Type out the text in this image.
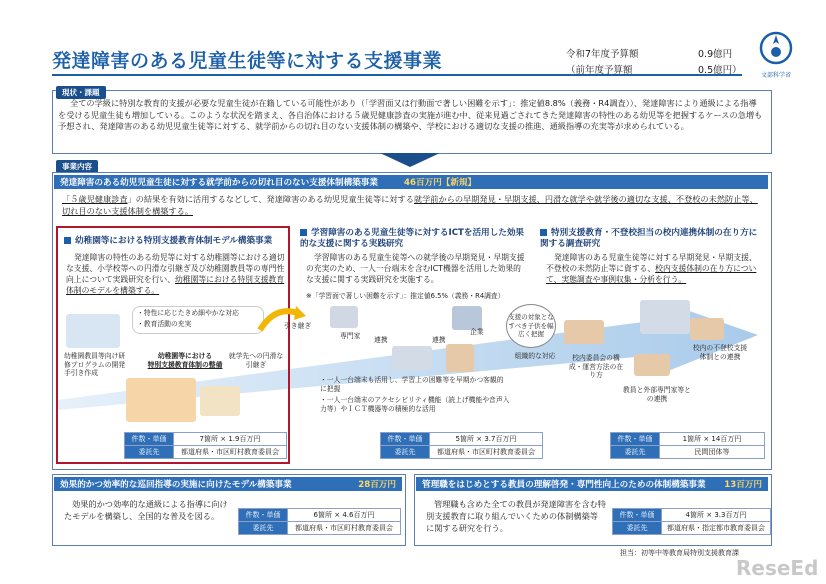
発達障害のある児童生徒等に対する支援事業	令和7年度予算額	0.9億円
（前年度予算額	0.5億円）	文部科学省
現状・課題
全ての学級に特別な教育的支援が必要な児童生徒が在籍している可能性があり（「学習面又は行動面で著しい困難を示す」：推定値8.8%（義務・R4調査））、発達障害により通級による指導を受ける児童生徒も増加している。このような状況を踏まえ、各自治体における５歳児健康診査の実施が進む中、従来見過ごされてきた発達障害の特性のある幼児等を把握するケースの急増も予想され、発達障害のある幼児児童生徒等に対する、就学前からの切れ目のない支援体制の構築や、学校における適切な支援の推進、通級指導の充実等が求められている。
事業内容
発達障害のある幼児児童生徒に対する就学前からの切れ目のない支援体制構築事業	46百万円【新規】
「５歳児健康診査」の結果を有効に活用するなどして、発達障害のある幼児児童生徒等に対する就学前からの早期発見・早期支援、円滑な就学や就学後の適切な支援、不登校の未然防止等、切れ目のない支援体制を構築する。
幼稚園等における特別支援教育体制モデル構築事業
発達障害の特性のある幼児等に対する幼稚園等における適切な支援、小学校等への円滑な引継ぎ及び幼稚園教員等の専門性向上について実践研究を行い、幼稚園等における特別支援教育体制のモデルを構築する。
・特性に応じたきめ細やかな対応
・教育活動の充実
幼稚園教員等向け研修プログラムの開発手引き作成
幼稚園等における
特別支援教育体制の整備
就学先への円滑な引継ぎ
引き継ぎ
件数・単価	7箇所 × 1.9百万円
委託先	都道府県・市区町村教育委員会
学習障害のある児童生徒等に対するICTを活用した効果的な支援に関する実践研究
学習障害のある児童生徒等への就学後の早期発見・早期支援の充実のため、一人一台端末を含むICT機器を活用した効果的な支援に関する実践研究を実施する。
※「学習面で著しい困難を示す」：推定値6.5%（義務・R4調査）
専門家 連携
企業
連携
支援の対象となすべき子供を幅広く把握
組織的な対応
・一人一台端末も活用し、学習上の困難等を早期かつ客観的に把握
・一人一台端末のアクセシビリティ機能（読上げ機能や音声入力等）やＩＣＴ機器等の積極的な活用
件数・単価	5箇所 × 3.7百万円
委託先	都道府県・市区町村教育委員会
特別支援教育・不登校担当の校内連携体制の在り方に関する調査研究
発達障害のある児童生徒等に対する早期発見・早期支援、不登校の未然防止等に資する、校内支援体制の在り方について、実態調査や事例収集・分析を行う。
校内委員会の構成・運営方法の在り方
校内の不登校支援体制との連携
教員と外部専門家等との連携
件数・単価	1箇所 × 14百万円
委託先	民間団体等
効果的かつ効率的な巡回指導の実施に向けたモデル構築事業	28百万円
効果的かつ効率的な通級による指導に向けたモデルを構築し、全国的な普及を図る。	件数・単価	6箇所 × 4.6百万円
委託先	都道府県・市区町村教育委員会
管理職をはじめとする教員の理解啓発・専門性向上のための体制構築事業 13百万円
管理職も含めた全ての教員が発達障害を含む特別支援教育に取り組んでいくための体制構築等に関する研究を行う。
件数・単価	4箇所 × 3.3百万円
委託先	都道府県・指定都市教育委員会
担当：初等中等教育局特別支援教育課
ReseEd
